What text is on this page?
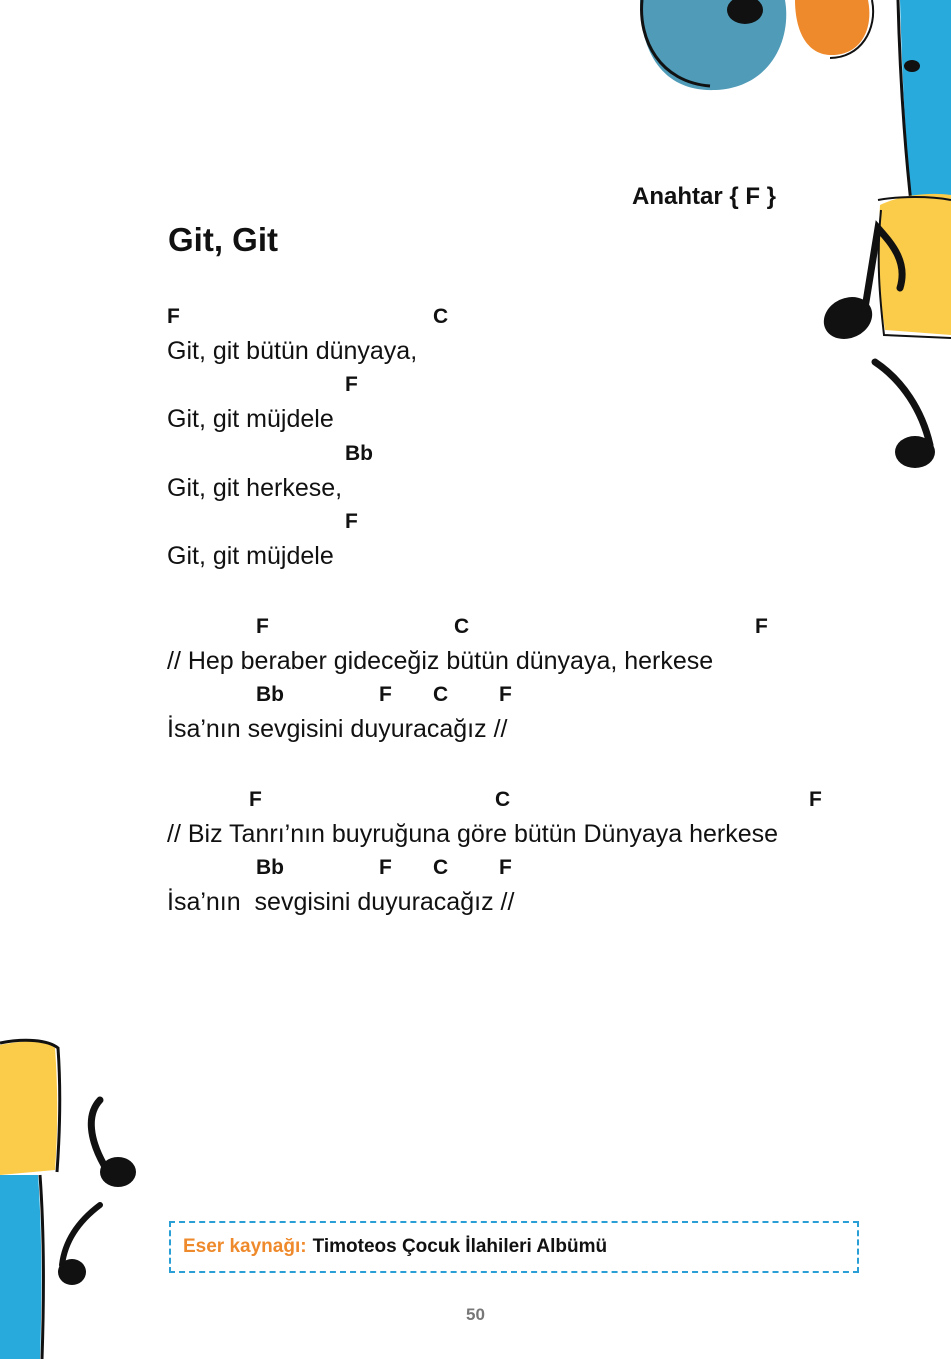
Anahtar { F }
Git, Git
F	C
Git, git bütün dünyaya,
F
Git, git müjdele
Bb
Git, git herkese,
F
Git, git müjdele
F	C	F
// Hep beraber gideceğiz bütün dünyaya, herkese
Bb	F C F
İsa’nın sevgisini duyuracağız //
F	C	F
// Biz Tanrı’nın buyruğuna göre bütün Dünyaya herkese
Bb	F C F
İsa’nın  sevgisini duyuracağız //
Eser kaynağı: Timoteos Çocuk İlahileri Albümü
50
